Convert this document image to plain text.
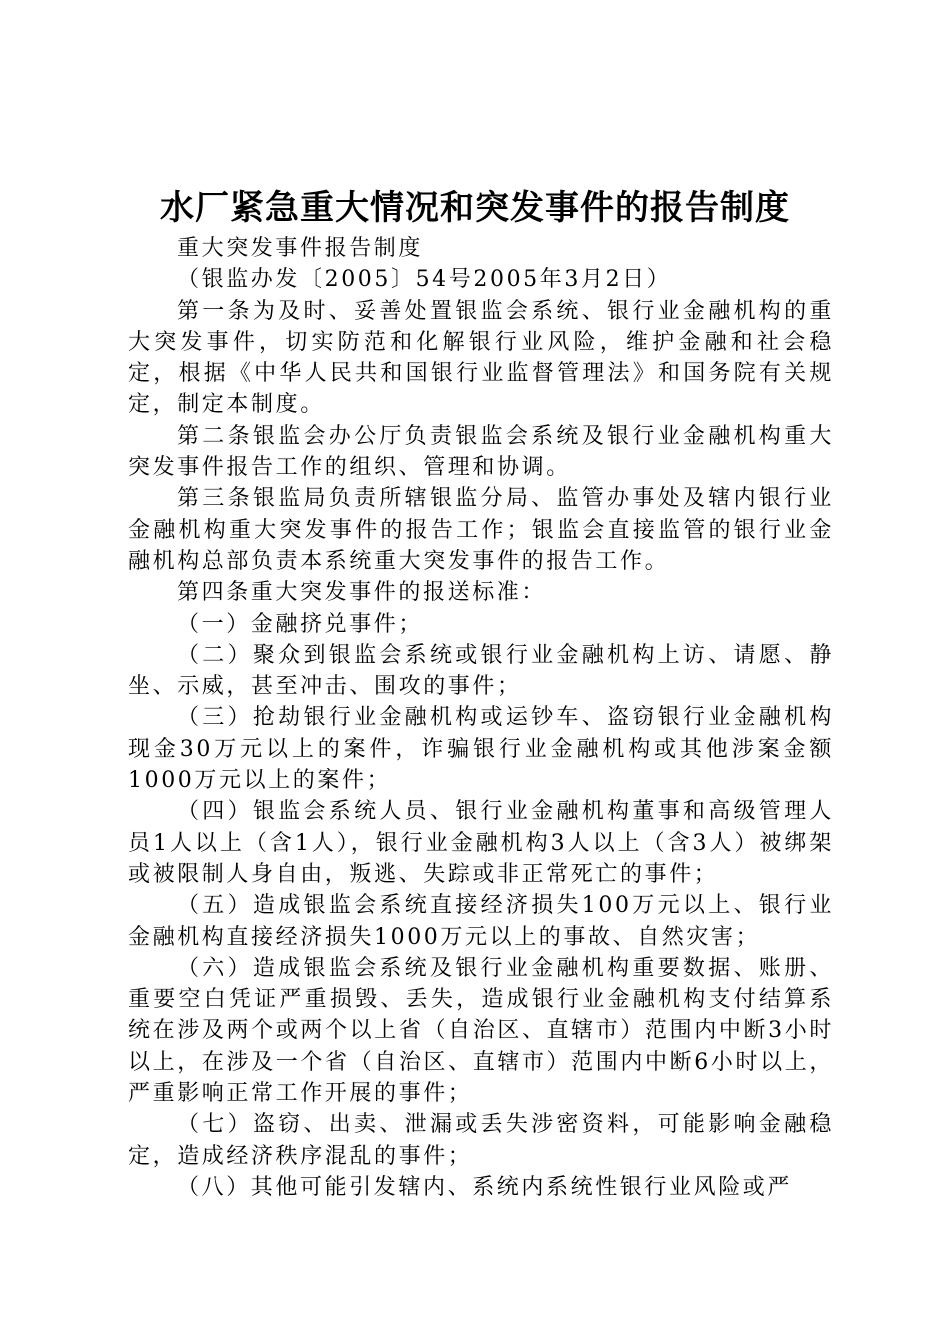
水厂紧急重大情况和突发事件的报告制度

重大突发事件报告制度

（银监办发〔2005〕54号2005年3月2日）

第一条为及时、妥善处置银监会系统、银行业金融机构的重大突发事件，切实防范和化解银行业风险，维护金融和社会稳定，根据《中华人民共和国银行业监督管理法》和国务院有关规定，制定本制度。

第二条银监会办公厅负责银监会系统及银行业金融机构重大突发事件报告工作的组织、管理和协调。

第三条银监局负责所辖银监分局、监管办事处及辖内银行业金融机构重大突发事件的报告工作；银监会直接监管的银行业金融机构总部负责本系统重大突发事件的报告工作。

第四条重大突发事件的报送标准：

（一）金融挤兑事件；

（二）聚众到银监会系统或银行业金融机构上访、请愿、静坐、示威，甚至冲击、围攻的事件；

（三）抢劫银行业金融机构或运钞车、盗窃银行业金融机构现金30万元以上的案件，诈骗银行业金融机构或其他涉案金额1000万元以上的案件；

（四）银监会系统人员、银行业金融机构董事和高级管理人员1人以上（含1人），银行业金融机构3人以上（含3人）被绑架或被限制人身自由，叛逃、失踪或非正常死亡的事件；

（五）造成银监会系统直接经济损失100万元以上、银行业金融机构直接经济损失1000万元以上的事故、自然灾害；

（六）造成银监会系统及银行业金融机构重要数据、账册、重要空白凭证严重损毁、丢失，造成银行业金融机构支付结算系统在涉及两个或两个以上省（自治区、直辖市）范围内中断3小时以上，在涉及一个省（自治区、直辖市）范围内中断6小时以上，严重影响正常工作开展的事件；

（七）盗窃、出卖、泄漏或丢失涉密资料，可能影响金融稳定，造成经济秩序混乱的事件；

（八）其他可能引发辖内、系统内系统性银行业风险或严
